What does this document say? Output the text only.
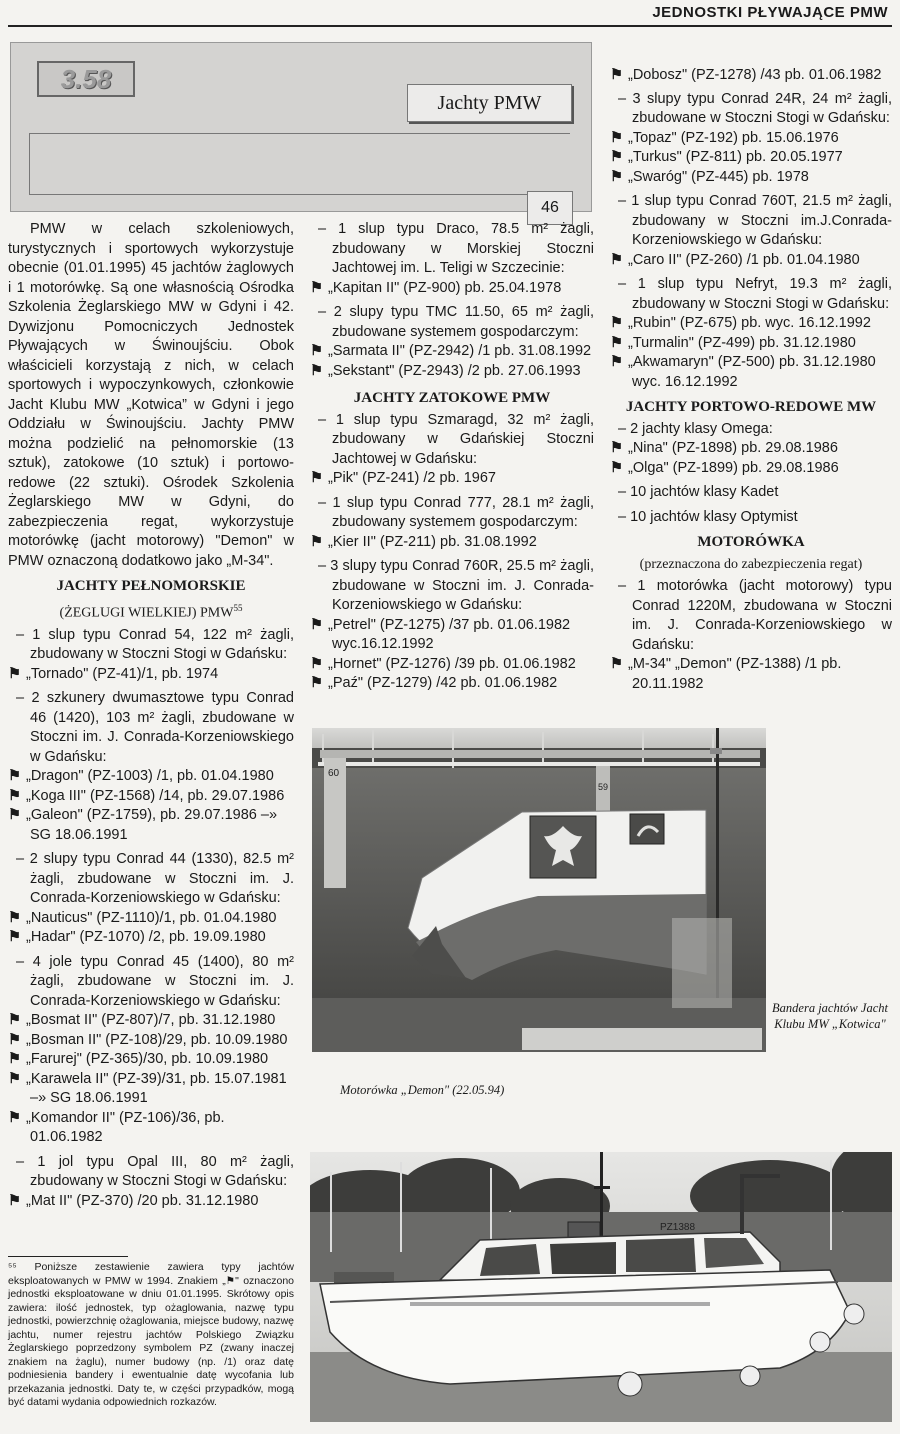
JEDNOSTKI PŁYWAJĄCE PMW
3.58
Jachty PMW
46

PMW w celach szkoleniowych, turystycznych i sportowych wykorzystuje obecnie (01.01.1995) 45 jachtów żaglowych i 1 motorówkę. Są one własnością Ośrodka Szkolenia Żeglarskiego MW w Gdyni i 42. Dywizjonu Pomocniczych Jednostek Pływających w Świnoujściu. Obok właścicieli korzystają z nich, w celach sportowych i wypoczynkowych, członkowie Jacht Klubu MW „Kotwica” w Gdyni i jego Oddziału w Świnoujściu. Jachty PMW można podzielić na pełnomorskie (13 sztuk), zatokowe (10 sztuk) i portowo-redowe (22 sztuki). Ośrodek Szkolenia Żeglarskiego MW w Gdyni, do zabezpieczenia regat, wykorzystuje motorówkę (jacht motorowy) "Demon" w PMW oznaczoną dodatkowo jako „M-34".

JACHTY PEŁNOMORSKIE
(ŻEGLUGI WIELKIEJ) PMW$^{55}$
– 1 slup typu Conrad 54, 122 m² żagli, zbudowany w Stoczni Stogi w Gdańsku:
⚑ „Tornado" (PZ-41)/1, pb. 1974
– 2 szkunery dwumasztowe typu Conrad 46 (1420), 103 m² żagli, zbudowane w Stoczni im. J. Conrada-Korzeniowskiego w Gdańsku:
⚑ „Dragon" (PZ-1003) /1, pb. 01.04.1980
⚑ „Koga III" (PZ-1568) /14, pb. 29.07.1986
⚑ „Galeon" (PZ-1759), pb. 29.07.1986 –» SG 18.06.1991
– 2 slupy typu Conrad 44 (1330), 82.5 m² żagli, zbudowane w Stoczni im. J. Conrada-Korzeniowskiego w Gdańsku:
⚑ „Nauticus" (PZ-1110)/1, pb. 01.04.1980
⚑ „Hadar" (PZ-1070) /2, pb. 19.09.1980
– 4 jole typu Conrad 45 (1400), 80 m² żagli, zbudowane w Stoczni im. J. Conrada-Korzeniowskiego w Gdańsku:
⚑ „Bosmat II" (PZ-807)/7, pb. 31.12.1980
⚑ „Bosman II" (PZ-108)/29, pb. 10.09.1980
⚑ „Farurej" (PZ-365)/30, pb. 10.09.1980
⚑ „Karawela II" (PZ-39)/31, pb. 15.07.1981 –» SG 18.06.1991
⚑ „Komandor II" (PZ-106)/36, pb. 01.06.1982
– 1 jol typu Opal III, 80 m² żagli, zbudowany w Stoczni Stogi w Gdańsku:
⚑ „Mat II" (PZ-370) /20 pb. 31.12.1980
– 1 slup typu Draco, 78.5 m² żagli, zbudowany w Morskiej Stoczni Jachtowej im. L. Teligi w Szczecinie:
⚑ „Kapitan II" (PZ-900) pb. 25.04.1978
– 2 slupy typu TMC 11.50, 65 m² żagli, zbudowane systemem gospodarczym:
⚑ „Sarmata II" (PZ-2942) /1 pb. 31.08.1992
⚑ „Sekstant" (PZ-2943) /2 pb. 27.06.1993
JACHTY ZATOKOWE PMW
– 1 slup typu Szmaragd, 32 m² żagli, zbudowany w Gdańskiej Stoczni Jachtowej w Gdańsku:
⚑ „Pik" (PZ-241) /2 pb. 1967
– 1 slup typu Conrad 777, 28.1 m² żagli, zbudowany systemem gospodarczym:
⚑ „Kier II" (PZ-211) pb. 31.08.1992
– 3 slupy typu Conrad 760R, 25.5 m² żagli, zbudowane w Stoczni im. J. Conrada-Korzeniowskiego w Gdańsku:
⚑ „Petrel" (PZ-1275) /37 pb. 01.06.1982 wyc.16.12.1992
⚑ „Hornet" (PZ-1276) /39 pb. 01.06.1982
⚑ „Paź" (PZ-1279) /42 pb. 01.06.1982
⚑ „Dobosz" (PZ-1278) /43 pb. 01.06.1982
– 3 slupy typu Conrad 24R, 24 m² żagli, zbudowane w Stoczni Stogi w Gdańsku:
⚑ „Topaz" (PZ-192) pb. 15.06.1976
⚑ „Turkus" (PZ-811) pb. 20.05.1977
⚑ „Swaróg" (PZ-445) pb. 1978
– 1 slup typu Conrad 760T, 21.5 m² żagli, zbudowany w Stoczni im.J.Conrada-Korzeniowskiego w Gdańsku:
⚑ „Caro II" (PZ-260) /1 pb. 01.04.1980
– 1 slup typu Nefryt, 19.3 m² żagli, zbudowany w Stoczni Stogi w Gdańsku:
⚑ „Rubin" (PZ-675) pb. wyc. 16.12.1992
⚑ „Turmalin" (PZ-499) pb. 31.12.1980
⚑ „Akwamaryn" (PZ-500) pb. 31.12.1980 wyc. 16.12.1992
JACHTY PORTOWO-REDOWE MW
– 2 jachty klasy Omega:
⚑ „Nina" (PZ-1898) pb. 29.08.1986
⚑ „Olga" (PZ-1899) pb. 29.08.1986
– 10 jachtów klasy Kadet
– 10 jachtów klasy Optymist
MOTORÓWKA
(przeznaczona do zabezpieczenia regat)
– 1 motorówka (jacht motorowy) typu Conrad 1220M, zbudowana w Stoczni im. J. Conrada-Korzeniowskiego w Gdańsku:
⚑ „M-34" „Demon" (PZ-1388) /1 pb. 20.11.1982
60
59
Bandera jachtów Jacht Klubu MW „Kotwica"
Motorówka „Demon" (22.05.94)
PZ1388
⁵⁵ Poniższe zestawienie zawiera typy jachtów eksploatowanych w PMW w 1994. Znakiem „⚑" oznaczono jednostki eksploatowane w dniu 01.01.1995. Skrótowy opis zawiera: ilość jednostek, typ ożaglowania, nazwę typu jednostki, powierzchnię ożaglowania, miejsce budowy, nazwę jachtu, numer rejestru jachtów Polskiego Związku Żeglarskiego poprzedzony symbolem PZ (zwany inaczej znakiem na żaglu), numer budowy (np. /1) oraz datę podniesienia bandery i ewentualnie datę wycofania lub przekazania jednostki. Daty te, w części przypadków, mogą być datami wydania odpowiednich rozkazów.
